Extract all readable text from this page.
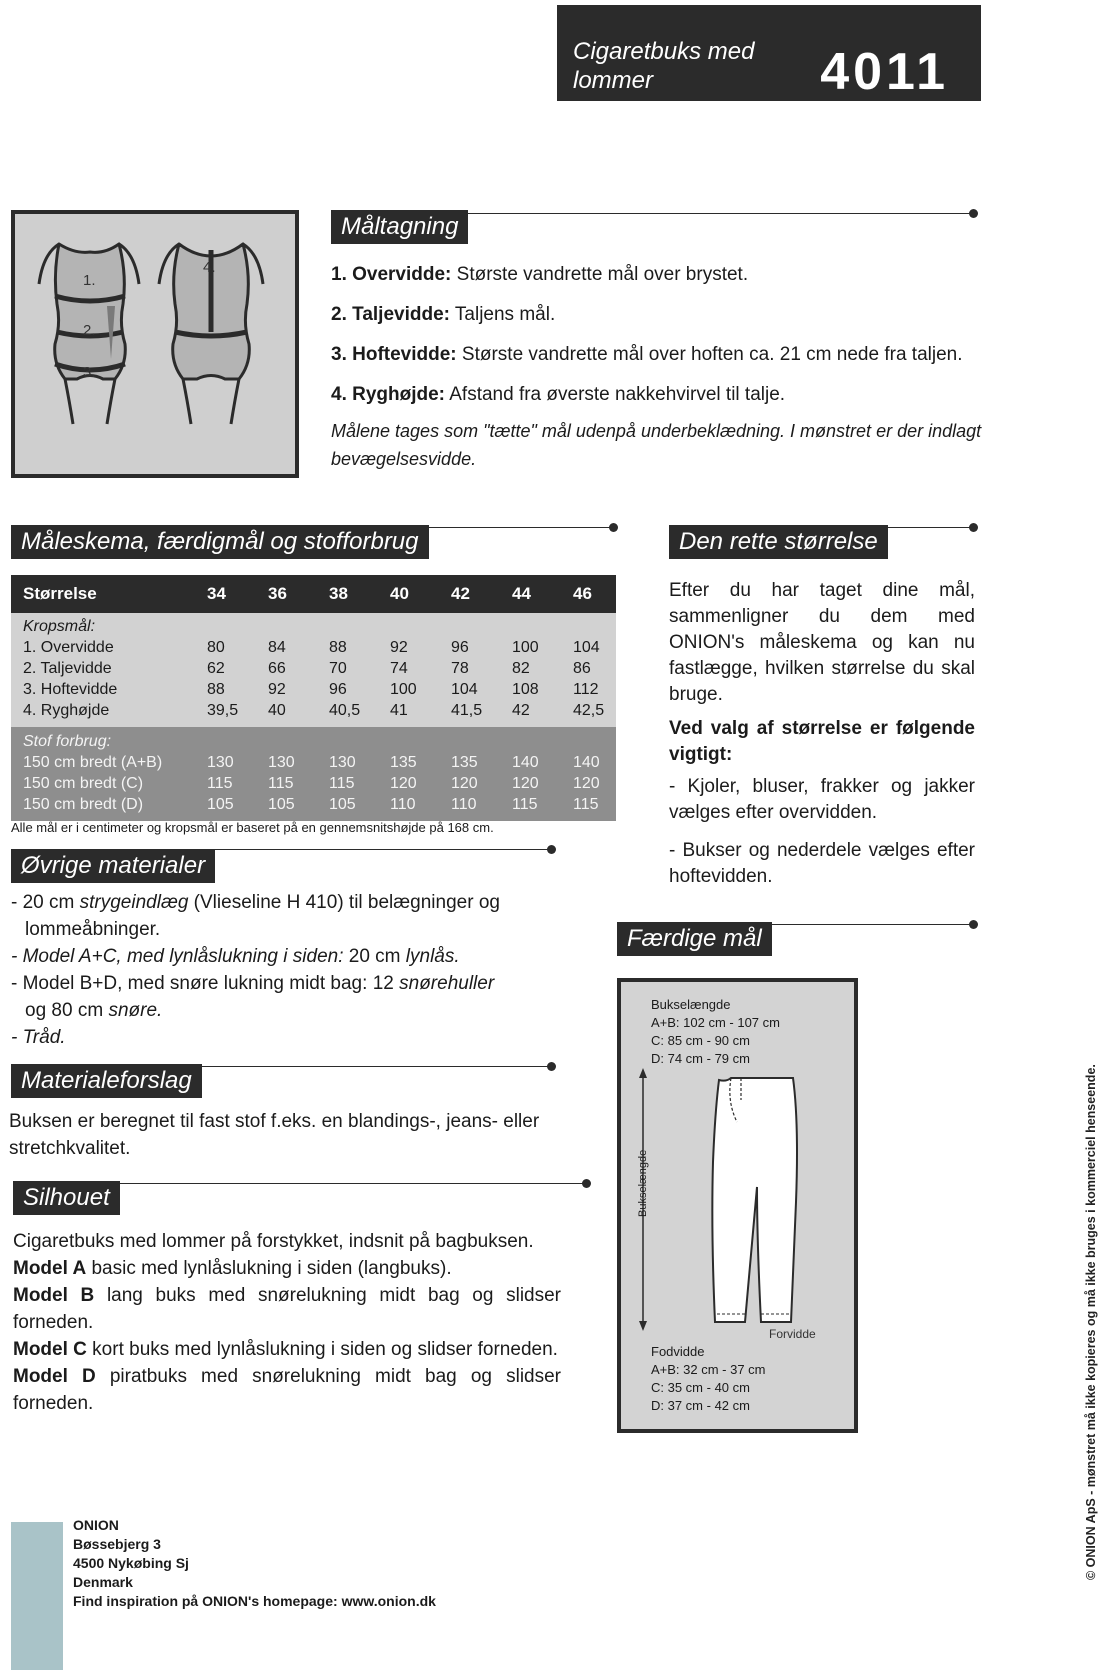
Cigaretbuks med lommer	4011
1.
2.
3.
4.
Måltagning
1. Overvidde: Største vandrette mål over brystet.
2. Taljevidde: Taljens mål.
3. Hoftevidde: Største vandrette mål over hoften ca. 21 cm nede fra taljen.
4. Ryghøjde: Afstand fra øverste nakkehvirvel til talje.
Målene tages som "tætte" mål udenpå underbeklædning. I mønstret er der indlagt bevægelsesvidde.
Måleskema, færdigmål og stofforbrug
Størrelse	34 36 38 40 42 44 46
Kropsmål:
1. Overvidde	80	84	88	92	96	100 104
2. Taljevidde	62	66	70	74	78	82	86
3. Hoftevidde	88	92	96	100 104 108 112
4. Ryghøjde	39,5 40	40,5 41	41,5 42	42,5
Stof forbrug:
150 cm bredt (A+B)	130 130 130 135 135 140 140
150 cm bredt (C)	115 115 115 120 120 120 120
150 cm bredt (D)	105 105 105 110 110 115 115
Alle mål er i centimeter og kropsmål er baseret på en gennemsnitshøjde på 168 cm.
Øvrige materialer
- 20 cm strygeindlæg (Vlieseline H 410) til belægninger og
lommeåbninger.
- Model A+C, med lynlåslukning i siden: 20 cm lynlås.
- Model B+D, med snøre lukning midt bag: 12 snørehuller
og 80 cm snøre.
- Tråd.
Materialeforslag
Buksen er beregnet til fast stof f.eks. en blandings-, jeans- eller stretchkvalitet.
Silhouet
Cigaretbuks med lommer på forstykket, indsnit på bagbuksen.
Model A basic med lynlåslukning i siden (langbuks).
Model B lang buks med snørelukning midt bag og slidser forneden.
Model C kort buks med lynlåslukning i siden og slidser forneden.
Model D piratbuks med snørelukning midt bag og slidser forneden.
Den rette størrelse
Efter du har taget dine mål, sammenligner du dem med ONION's måleskema og kan nu fastlægge, hvilken størrelse du skal bruge.
Ved valg af størrelse er følgende vigtigt:
- Kjoler, bluser, frakker og jakker vælges efter overvidden.
- Bukser og nederdele vælges efter hoftevidden.
Færdige mål
Bukselængde
A+B: 102 cm - 107 cm
C: 85 cm - 90 cm
D: 74 cm - 79 cm
Bukselængde
Forvidde
Fodvidde
A+B: 32 cm - 37 cm
C: 35 cm - 40 cm
D: 37 cm - 42 cm
ONION
Bøssebjerg 3
4500 Nykøbing Sj
Denmark
Find inspiration på ONION's homepage: www.onion.dk
© ONION ApS - mønstret må ikke kopieres og må ikke bruges i kommerciel henseende.
